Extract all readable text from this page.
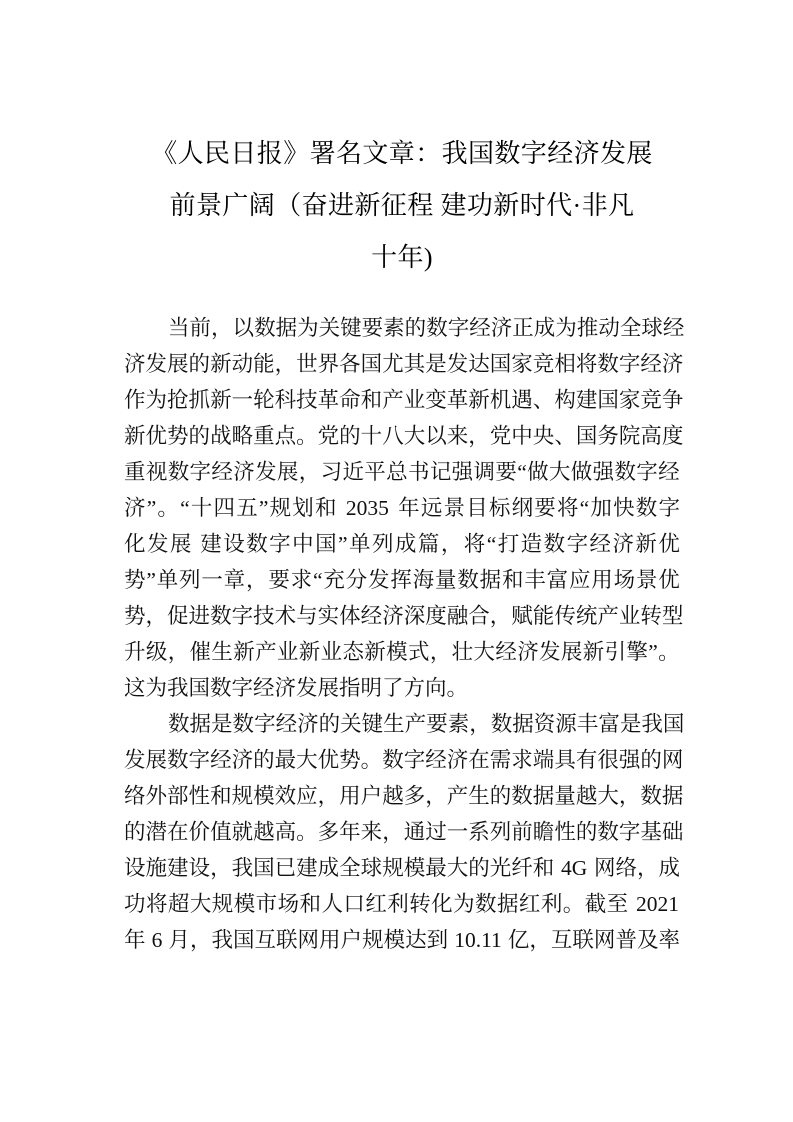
《人民日报》署名文章：我国数字经济发展
前景广阔（奋进新征程 建功新时代·非凡
十年)
当 前 ， 以 数 据 为 关 键 要 素 的 数 字 经 济 正 成 为 推 动 全 球 经
济 发 展 的 新 动 能 ， 世 界 各 国 尤 其 是 发 达 国 家 竞 相 将 数 字 经 济
作 为 抢 抓 新 一 轮 科 技 革 命 和 产 业 变 革 新 机 遇 、 构 建 国 家 竞 争
新 优 势 的 战 略 重 点 。 党 的 十 八 大 以 来 ， 党 中 央 、 国 务 院 高 度
重 视 数 字 经 济 发 展 ， 习 近 平 总 书 记 强 调 要 “ 做 大 做 强 数 字 经
济 ” 。 “ 十 四 五 ” 规 划 和 2035 年 远 景 目 标 纲 要 将 “ 加 快 数 字
化 发 展 建 设 数 字 中 国 ” 单 列 成 篇 ， 将 “ 打 造 数 字 经 济 新 优
势 ” 单 列 一 章 ， 要 求 “ 充 分 发 挥 海 量 数 据 和 丰 富 应 用 场 景 优
势 ， 促 进 数 字 技 术 与 实 体 经 济 深 度 融 合 ， 赋 能 传 统 产 业 转 型
升 级 ， 催 生 新 产 业 新 业 态 新 模 式 ， 壮 大 经 济 发 展 新 引 擎 ” 。
这为我国数字经济发展指明了方向。
数 据 是 数 字 经 济 的 关 键 生 产 要 素 ， 数 据 资 源 丰 富 是 我 国
发 展 数 字 经 济 的 最 大 优 势 。 数 字 经 济 在 需 求 端 具 有 很 强 的 网
络 外 部 性 和 规 模 效 应 ， 用 户 越 多 ， 产 生 的 数 据 量 越 大 ， 数 据
的 潜 在 价 值 就 越 高 。 多 年 来 ， 通 过 一 系 列 前 瞻 性 的 数 字 基 础
设 施 建 设 ， 我 国 已 建 成 全 球 规 模 最 大 的 光 纤 和 4G 网 络 ， 成
功 将 超 大 规 模 市 场 和 人 口 红 利 转 化 为 数 据 红 利 。 截 至 2021
年 6 月 ， 我 国 互 联 网 用 户 规 模 达 到 10.11 亿 ， 互 联 网 普 及 率
